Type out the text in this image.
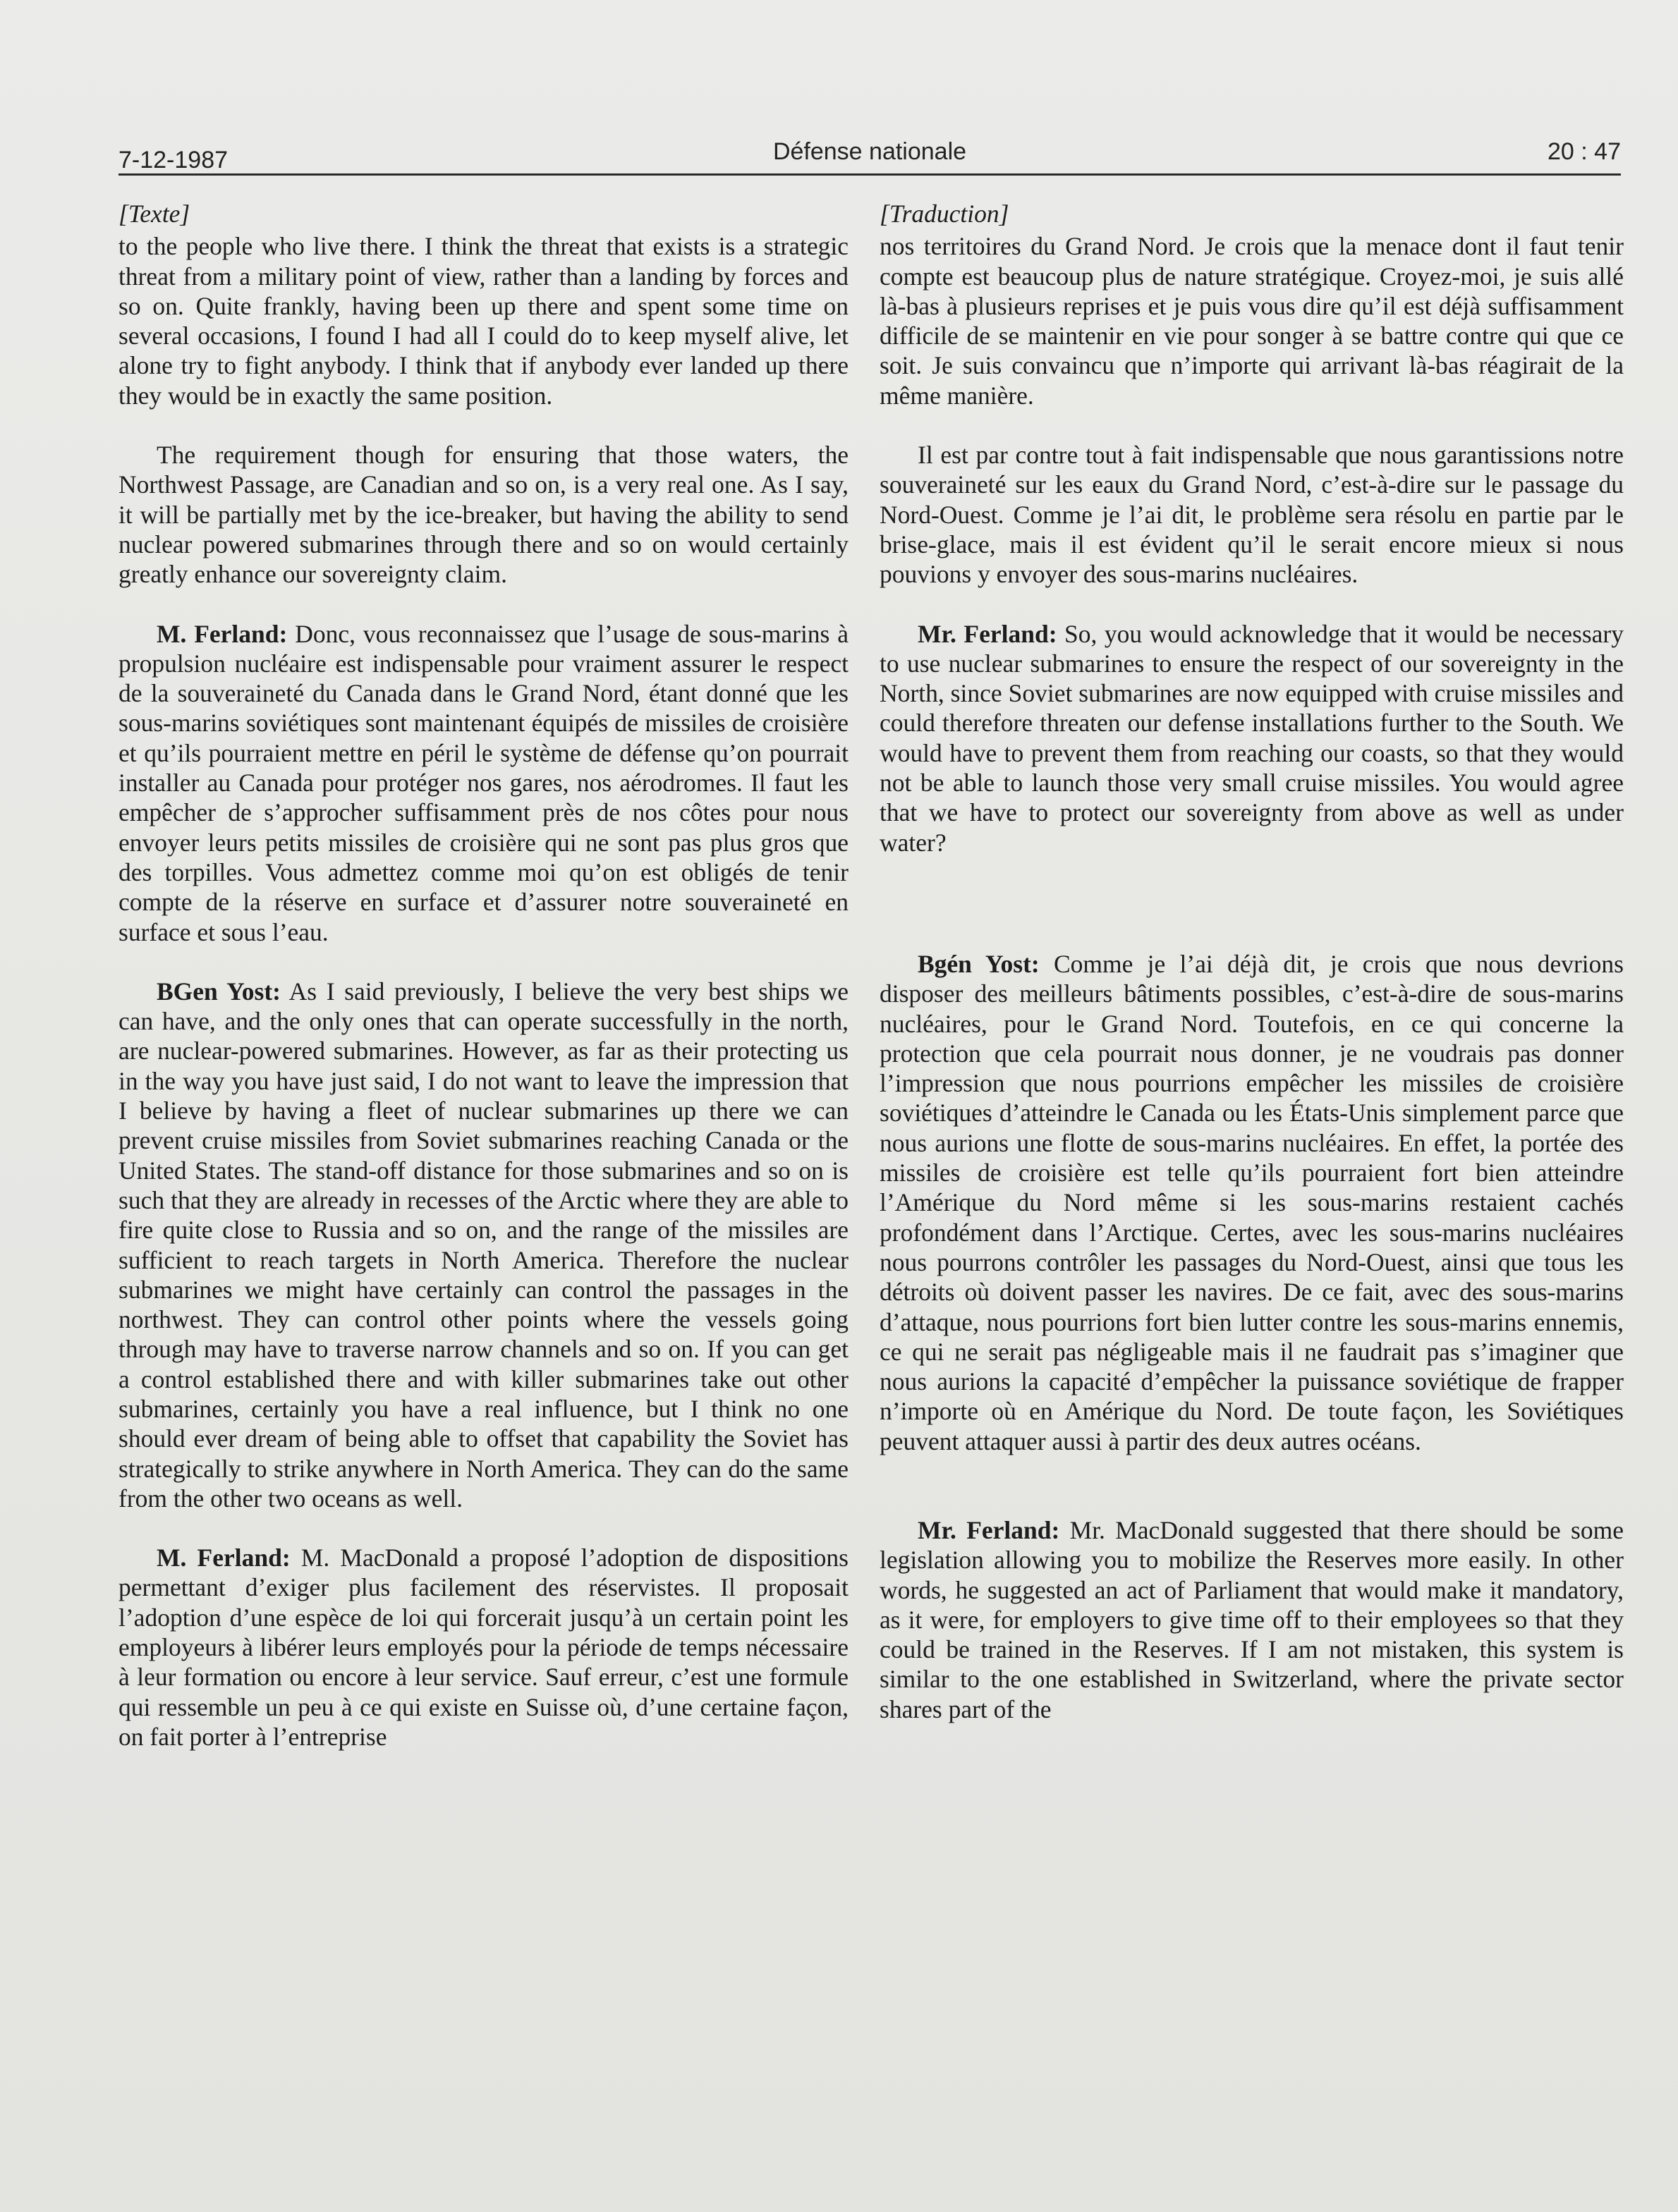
7-12-1987	Défense nationale	20 : 47
[Texte]

to the people who live there. I think the threat that exists is a strategic threat from a military point of view, rather than a landing by forces and so on. Quite frankly, having been up there and spent some time on several occasions, I found I had all I could do to keep myself alive, let alone try to fight anybody. I think that if anybody ever landed up there they would be in exactly the same position.

The requirement though for ensuring that those waters, the Northwest Passage, are Canadian and so on, is a very real one. As I say, it will be partially met by the ice-breaker, but having the ability to send nuclear powered submarines through there and so on would certainly greatly enhance our sovereignty claim.

M. Ferland: Donc, vous reconnaissez que l’usage de sous-marins à propulsion nucléaire est indispensable pour vraiment assurer le respect de la souveraineté du Canada dans le Grand Nord, étant donné que les sous-marins soviétiques sont maintenant équipés de missiles de croisière et qu’ils pourraient mettre en péril le système de défense qu’on pourrait installer au Canada pour protéger nos gares, nos aérodromes. Il faut les empêcher de s’approcher suffisamment près de nos côtes pour nous envoyer leurs petits missiles de croisière qui ne sont pas plus gros que des torpilles. Vous admettez comme moi qu’on est obligés de tenir compte de la réserve en surface et d’assurer notre souveraineté en surface et sous l’eau.

BGen Yost: As I said previously, I believe the very best ships we can have, and the only ones that can operate successfully in the north, are nuclear-powered submarines. However, as far as their protecting us in the way you have just said, I do not want to leave the impression that I believe by having a fleet of nuclear submarines up there we can prevent cruise missiles from Soviet submarines reaching Canada or the United States. The stand-off distance for those submarines and so on is such that they are already in recesses of the Arctic where they are able to fire quite close to Russia and so on, and the range of the missiles are sufficient to reach targets in North America. Therefore the nuclear submarines we might have certainly can control the passages in the northwest. They can control other points where the vessels going through may have to traverse narrow channels and so on. If you can get a control established there and with killer submarines take out other submarines, certainly you have a real influence, but I think no one should ever dream of being able to offset that capability the Soviet has strategically to strike anywhere in North America. They can do the same from the other two oceans as well.

M. Ferland: M. MacDonald a proposé l’adoption de dispositions permettant d’exiger plus facilement des réservistes. Il proposait l’adoption d’une espèce de loi qui forcerait jusqu’à un certain point les employeurs à libérer leurs employés pour la période de temps nécessaire à leur formation ou encore à leur service. Sauf erreur, c’est une formule qui ressemble un peu à ce qui existe en Suisse où, d’une certaine façon, on fait porter à l’entreprise

[Traduction]

nos territoires du Grand Nord. Je crois que la menace dont il faut tenir compte est beaucoup plus de nature stratégique. Croyez-moi, je suis allé là-bas à plusieurs reprises et je puis vous dire qu’il est déjà suffisamment difficile de se maintenir en vie pour songer à se battre contre qui que ce soit. Je suis convaincu que n’importe qui arrivant là-bas réagirait de la même manière.

Il est par contre tout à fait indispensable que nous garantissions notre souveraineté sur les eaux du Grand Nord, c’est-à-dire sur le passage du Nord-Ouest. Comme je l’ai dit, le problème sera résolu en partie par le brise-glace, mais il est évident qu’il le serait encore mieux si nous pouvions y envoyer des sous-marins nucléaires.

Mr. Ferland: So, you would acknowledge that it would be necessary to use nuclear submarines to ensure the respect of our sovereignty in the North, since Soviet submarines are now equipped with cruise missiles and could therefore threaten our defense installations further to the South. We would have to prevent them from reaching our coasts, so that they would not be able to launch those very small cruise missiles. You would agree that we have to protect our sovereignty from above as well as under water?

Bgén Yost: Comme je l’ai déjà dit, je crois que nous devrions disposer des meilleurs bâtiments possibles, c’est-à-dire de sous-marins nucléaires, pour le Grand Nord. Toutefois, en ce qui concerne la protection que cela pourrait nous donner, je ne voudrais pas donner l’impression que nous pourrions empêcher les missiles de croisière soviétiques d’atteindre le Canada ou les États-Unis simplement parce que nous aurions une flotte de sous-marins nucléaires. En effet, la portée des missiles de croisière est telle qu’ils pourraient fort bien atteindre l’Amérique du Nord même si les sous-marins restaient cachés profondément dans l’Arctique. Certes, avec les sous-marins nucléaires nous pourrons contrôler les passages du Nord-Ouest, ainsi que tous les détroits où doivent passer les navires. De ce fait, avec des sous-marins d’attaque, nous pourrions fort bien lutter contre les sous-marins ennemis, ce qui ne serait pas négligeable mais il ne faudrait pas s’imaginer que nous aurions la capacité d’empêcher la puissance soviétique de frapper n’importe où en Amérique du Nord. De toute façon, les Soviétiques peuvent attaquer aussi à partir des deux autres océans.

Mr. Ferland: Mr. MacDonald suggested that there should be some legislation allowing you to mobilize the Reserves more easily. In other words, he suggested an act of Parliament that would make it mandatory, as it were, for employers to give time off to their employees so that they could be trained in the Reserves. If I am not mistaken, this system is similar to the one established in Switzerland, where the private sector shares part of the
